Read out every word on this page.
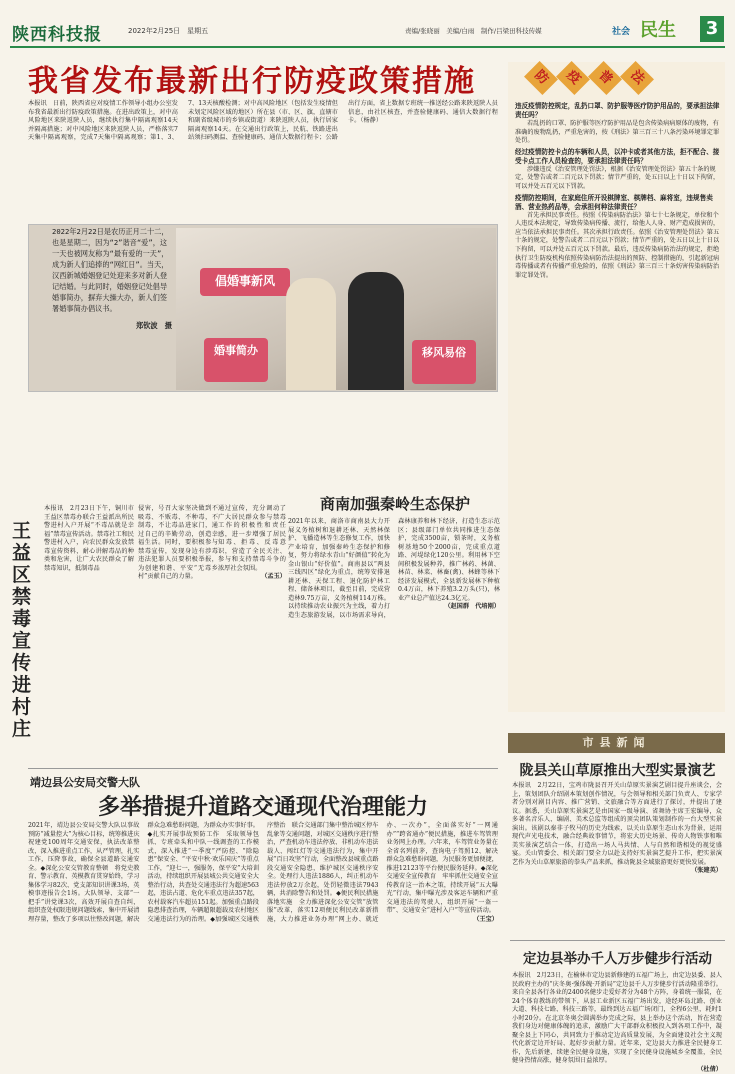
陕西科技报	2022年2月25日　星期五	责编/张晓丽　美编/白雨　制作/吕梁田科技传媒	社会 民生	3
我省发布最新出行防疫政策措施
本报讯　日前，陕西省应对疫情工作领导小组办公室发布我省最新出行防疫政策措施。在进出政策上，对中高风险地区来陕返陕人员，继续执行集中隔离观察14天并隔离措施；对中风险地区来陕返陕人员，严格落实7天集中隔离观察，完成7天集中隔离观察；第1、3、7、13天核酸检测；对中高风险地区（包括发生疫情但未划定风险区域的地区）所在县（市、区、旗，直辖市和副省级城市的乡镇或街道）来陕返陕人员，执行居家隔离观察14天。在交通出行政策上，民航、铁路进出站须扫码测温、查验健康码、通信大数据行程卡；公路出行方面，省上数据专班统一推送经公路来陕返陕人员信息，由社区核查，并查验健康码、通信大数据行程卡。（杨静）
2022年2月22日是农历正月二十二，也是星期二，因为“2”谐音“爱”，这一天也被网友称为“最有爱的一天”，成为新人们追捧的“网红日”。当天，汉西新城婚姻登记处迎来多对新人登记结婚。与此同时，婚姻登记处倡导婚事简办，摒弃大操大办，新人们签署婚事简办倡议书。
郑钦波　摄
倡婚事新风
婚事简办	移风易俗
防 疫 普 法
违反疫情防控规定，乱扔口罩、防护服等医疗防护用品的，要承担法律责任吗？
若乱扔的口罩、防护服等医疗防护用品是包含传染病病原体的废物，有准确的废物乱扔，严重危害的，按《刑法》第三百三十八条污染环境罪定罪处罚。
经过疫情防控卡点的车辆和人员，以冲卡或者其他方法，拒不配合、接受卡点工作人员检查的，要承担法律责任吗？
涉嫌违反《治安管理处罚法》，根据《治安管理处罚法》第五十条的规定，处警告或者二百元以下罚款；情节严重的，处五日以上十日以下拘留，可以并处五百元以下罚款。
疫情防控期间，在家庭住所开设棋牌室、棋牌档、麻将室，违规售卖酒、营业热药品等，会承担何种法律责任？
首先承担民事责任。按照《传染病防治法》第七十七条规定，单位和个人违反本法规定，导致传染病传播、流行，给他人人身、财产造成损害的，应当依法承担民事责任。其次承担行政责任。依照《治安管理处罚法》第五十条的规定，处警告或者二百元以下罚款；情节严重的，处五日以上十日以下拘留，可以并处五百元以下罚款。最后，违反传染病防治法的规定，拒绝执行卫生防疫机构依照传染病防治法提出的预防、控制措施的，引起新冠病毒传播或者有传播严重危险的，依照《刑法》第三百三十条妨害传染病防治罪定罪处罚。
王益区禁毒宣传进村庄
本报讯　2月23日下午，铜川市王益区禁毒办联合王益派出所民警进村入户开展“不毒品就是幸福”禁毒宣传活动。禁毒社工和民警进村入户，向农民群众发放禁毒宣传资料，耐心讲解毒品的种类和危害，让广大农民群众了解禁毒知识，抵制毒品
侵害，号召大家坚决做到不吸毒、不贩毒、不种毒，不制毒，不让毒品进家门，通过自己的辛勤劳动，创造幸福生活。同时，要积极参与禁毒宣传，发现身边有涉毒违法犯罪人员要积极举报，为创建和谐、平安“无毒乡村”贡献自己的力量。
通过宣传，充分调动了广大居民群众参与禁毒工作的积极性和责任感，进一步增强了居民知毒、拒毒、反毒意识，营造了全民关注、参与和支持禁毒斗争的浓厚社会氛围。
（孟玉）
商南加强秦岭生态保护
2021年以来，商洛市商南县大力开展义务植树和退耕还林、天然林保护、飞播造林等生态修复工作，加快产业培育，加强秦岭生态保护和修复，努力将绿水青山“好颜值”转化为金山银山“好价值”。商南县以“两县三线四区”绿化为重点，统筹安排退耕还林、天保工程、退化防护林工程、储备林项目，截至目前，完成营造林9.75万亩，义务植树114万株。以持续推动农业振兴为主线，着力打造生态旅游发展，以市场需求导向，森林康养和林下经济，打造生态示范区；县级部门单位共同推进生态保护，完成3500亩，锁茶时，义务植树基地50个2000亩，完成重点道路、河堤绿化120公里。利用林下空间积极发展种养，推广林药、林菌、林苗、林菜、林畜(禽)、林蜂等林下经济发展模式，全县新发展林下种植0.4万亩，林下养殖3.2万头(只)，林业产业总产值达24.3亿元。
（赵国群　代培刚）
市县新闻
陇县关山草原推出大型实景演艺
本报讯　2月22日，宝鸡市陇县召开关山草原实景演艺剧目提升座谈会，会上，策划团队介绍剧本策划创作情况，与会领导和相关部门负责人、专家学者分别对剧目内容、推广营销、文旅融合等方面进行了探讨，并提出了建议。据悉，关山草原实景演艺是由国家一级导演、省舞协主席王宏编导，众多著名音乐人、编剧、美术总监等组成的顶尖团队策划制作的一台大型实景演出。该剧以秦非子牧马的历史为线索，以关山草原生态山水为背景，运用现代声光电技术，融合经典故事情节，将宏大历史场景、传奇人物铁事和唯美实景演艺结合一体，打造出一场人马共情、人与自然和谐相处的视觉盛宴。关山管委会、相关部门要全力以赴支持好实景演艺提升工作，把实景演艺作为关山草原旅游的拳头产品来抓，推动陇县全域旅游更好更快发展。
（张建英）
定边县举办千人万步健步行活动
本报讯　2月23日，在榆林市定边县新修建的五福广场上，由定边县委、县人民政府主办的“庆冬奥·强体魄·开新局”定边县千人万步健步行活动隆重举行。来自全县各行各业的2400名健步走爱好者分为48个方阵，身着统一服装，在24个体育教练的带领下，从县工业新区五福广场出发，途经环岛北路、创业大道、科技七路、科技三路等，最终到达五福广场闭门，全程6公里，耗时1小时20分。在北京冬奥会圆满举办完成之际，县上举办这个活动，旨在营造我们身边对健康体魄的追求，激励广大干部群众积极投入到各项工作中，凝聚全县上下同心，共同致力于推动定边高质量发展，为全面建设社会主义现代化新定边开好局、起好步贡献力量。近年来，定边县大力推进全民健身工作，先后新建、续建全民健身设施，实现了全民健身设施城乡全覆盖，全民健身热情高涨，健身氛围日益浓厚。
（杜倩）
靖边县公安局交警大队
多举措提升道路交通现代治理能力
2021年，靖边县公安局交警大队以事故预防“减量控大”为核心目标，统筹推进庆祝建党100周年交通安保，执法改革整改，深入推进重点工作，从严管理，扎实工作，压降事故，确保全县道路交通安全。◆深化公安交管教育整顿　将党史教育、警示教育、英模教育贯穿始终，学习集体学习82次、党支部知识讲课3场，英模事迹报告会1场。大队领导、支部“一把手”讲党课3次，高效开展自查自纠，组织查处权限违规问题线索，集中开展清理存量，整改了多项以往整改问题，解决群众急难愁盼问题，为群众办实事好事。◆扎实开展事故预防工作　采取领导包抓、专班牵头和中队一线调查的工作模式，深入推进“一季度”严防控、“除隐患”保安全、“平安中秋·欢乐国庆”等重点工作，“迎七一，强服务，保平安”大培训活动，持续组织开展县城公共交通安全大整治行动，共查处交通违法行为超速563起，违法占道、危化车重点违法357起，农村载客汽车超员151起。加强重点路段隐患排查治理，车辆超限超载及农村地区交通违法行为的治理。◆加强城区交通秩序整治　联合交通部门集中整治城区停车乱象等交通问题，对城区交通秩序进行整治，严查机动车违法停放、非机动车违法载人、闯红灯等交通违法行为，集中开展“百日攻坚”行动，全面整改县城重点路段交通安全隐患，维护城区交通秩序安全。处理行人违法1886人，纠正机动车违法停放2万余起，处罚轻微违法7943辆，共消除警告和处罚。◆便民利民措施落地实施　全力推进深化公安交管“放管服”改革，落实12项便民利民改革新措施，大力推进业务办理“网上办、就近办、一次办”，全面落实好“一网通办”“跨省通办”便民措施，推进车驾管理业务网上办理。六年来，车驾管业务量在全省名列前茅，查询电子驾照12、解决群众急难愁盼问题，为民服务更加便捷，推进12123等平台便民服务延伸。◆深化交通安全宣传教育　牢牢抓住交通安全宣传教育这一治本之策，持续开展“五大曝光”行动，集中曝光涉及客运车辆和严重交通违法的驾驶人，组织开展“一盔一带”、交通安全“进村入户”等宣传活动。
（王宝）
